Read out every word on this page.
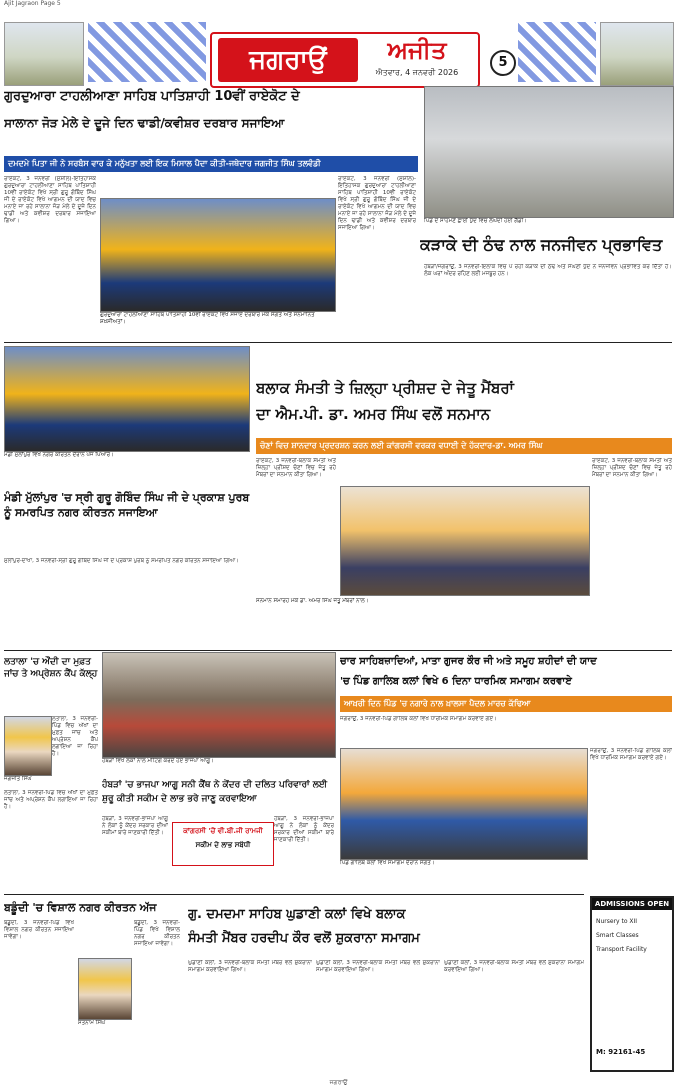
Ajit Jagraon Page 5
ਜਗਰਾਉਂ	ਅਜੀਤ
ਐਤਵਾਰ, 4 ਜਨਵਰੀ 2026
5
ਗੁਰਦੁਆਰਾ ਟਾਹਲੀਆਣਾ ਸਾਹਿਬ ਪਾਤਿਸ਼ਾਹੀ 10ਵੀਂ ਰਾਏਕੋਟ ਦੇ
ਸਾਲਾਨਾ ਜੋੜ ਮੇਲੇ ਦੇ ਦੂਜੇ ਦਿਨ ਢਾਡੀ/ਕਵੀਸ਼ਰ ਦਰਬਾਰ ਸਜਾਇਆ
ਦਮਦਮੇ ਪਿਤਾ ਜੀ ਨੇ ਸਰਬੰਸ ਵਾਰ ਕੇ ਮਨੁੱਖਤਾ ਲਈ ਇਕ ਮਿਸਾਲ ਪੈਦਾ ਕੀਤੀ-ਜਥੇਦਾਰ ਜਗਜੀਤ ਸਿੰਘ ਤਲਵੰਡੀ
ਰਾਏਕੋਟ, 3 ਜਨਵਰੀ (ਸੁਸ਼ੀਲ)-ਇਤਿਹਾਸਕ ਗੁਰਦੁਆਰਾ ਟਾਹਲੀਆਣਾ ਸਾਹਿਬ ਪਾਤਿਸ਼ਾਹੀ 10ਵੀਂ ਰਾਏਕੋਟ ਵਿਖੇ ਸ੍ਰੀ ਗੁਰੂ ਗੋਬਿੰਦ ਸਿੰਘ ਜੀ ਦੇ ਰਾਏਕੋਟ ਵਿਖੇ ਆਗਮਨ ਦੀ ਯਾਦ ਵਿਚ ਮਨਾਏ ਜਾ ਰਹੇ ਸਾਲਾਨਾ ਜੋੜ ਮੇਲੇ ਦੇ ਦੂਜੇ ਦਿਨ ਢਾਡੀ ਅਤੇ ਕਵੀਸ਼ਰ ਦਰਬਾਰ ਸਜਾਇਆ ਗਿਆ।
ਗੁਰਦੁਆਰਾ ਟਾਹਲੀਆਣਾ ਸਾਹਿਬ ਪਾਤਿਸ਼ਾਹੀ 10ਵੀਂ ਰਾਏਕੋਟ ਵਿਖੇ ਸਜਾਏ ਦਰਬਾਰ ਮੌਕੇ ਸੰਗਤ ਅਤੇ ਸਨਮਾਨਿਤ ਸ਼ਖ਼ਸੀਅਤਾਂ।
ਰਾਏਕੋਟ, 3 ਜਨਵਰੀ (ਸੁਸ਼ੀਲ)-ਇਤਿਹਾਸਕ ਗੁਰਦੁਆਰਾ ਟਾਹਲੀਆਣਾ ਸਾਹਿਬ ਪਾਤਿਸ਼ਾਹੀ 10ਵੀਂ ਰਾਏਕੋਟ ਵਿਖੇ ਸ੍ਰੀ ਗੁਰੂ ਗੋਬਿੰਦ ਸਿੰਘ ਜੀ ਦੇ ਰਾਏਕੋਟ ਵਿਖੇ ਆਗਮਨ ਦੀ ਯਾਦ ਵਿਚ ਮਨਾਏ ਜਾ ਰਹੇ ਸਾਲਾਨਾ ਜੋੜ ਮੇਲੇ ਦੇ ਦੂਜੇ ਦਿਨ ਢਾਡੀ ਅਤੇ ਕਵੀਸ਼ਰ ਦਰਬਾਰ ਸਜਾਇਆ ਗਿਆ।
ਪਿੰਡ ਦੇ ਸਾਹਮਣੇ ਛਾਈ ਧੁੰਦ ਵਿਚ ਲੰਘਦੀ ਹੋਈ ਗੱਡੀ।
ਕੜਾਕੇ ਦੀ ਠੰਢ ਨਾਲ ਜਨਜੀਵਨ ਪ੍ਰਭਾਵਿਤ
ਹੰਬੜਾਂ/ਜਗਰਾਉਂ, 3 ਜਨਵਰੀ-ਇਲਾਕੇ ਵਿਚ ਪੈ ਰਹੀ ਕੜਾਕੇ ਦੀ ਠੰਢ ਅਤੇ ਸੰਘਣੀ ਧੁੰਦ ਨੇ ਜਨਜੀਵਨ ਪ੍ਰਭਾਵਿਤ ਕਰ ਦਿੱਤਾ ਹੈ। ਲੋਕ ਘਰਾਂ ਅੰਦਰ ਰਹਿਣ ਲਈ ਮਜਬੂਰ ਹਨ।
ਮੰਡੀ ਮੁੱਲਾਂਪੁਰ ਵਿਖੇ ਨਗਰ ਕੀਰਤਨ ਦੌਰਾਨ ਪੰਜ ਪਿਆਰੇ।
ਬਲਾਕ ਸੰਮਤੀ ਤੇ ਜ਼ਿਲ੍ਹਾ ਪ੍ਰੀਸ਼ਦ ਦੇ ਜੇਤੂ ਮੈਂਬਰਾਂ
ਦਾ ਐਮ.ਪੀ. ਡਾ. ਅਮਰ ਸਿੰਘ ਵਲੋਂ ਸਨਮਾਨ
ਚੋਣਾਂ ਵਿਚ ਸ਼ਾਨਦਾਰ ਪ੍ਰਦਰਸ਼ਨ ਕਰਨ ਲਈ ਕਾਂਗਰਸੀ ਵਰਕਰ ਵਧਾਈ ਦੇ ਹੱਕਦਾਰ-ਡਾ. ਅਮਰ ਸਿੰਘ
ਰਾਏਕੋਟ, 3 ਜਨਵਰੀ-ਬਲਾਕ ਸੰਮਤੀ ਅਤੇ ਜ਼ਿਲ੍ਹਾ ਪ੍ਰੀਸ਼ਦ ਚੋਣਾਂ ਵਿਚ ਜੇਤੂ ਰਹੇ ਮੈਂਬਰਾਂ ਦਾ ਸਨਮਾਨ ਕੀਤਾ ਗਿਆ।
ਸਨਮਾਨ ਸਮਾਰੋਹ ਮੌਕੇ ਡਾ. ਅਮਰ ਸਿੰਘ ਜੇਤੂ ਮੈਂਬਰਾਂ ਨਾਲ।
ਰਾਏਕੋਟ, 3 ਜਨਵਰੀ-ਬਲਾਕ ਸੰਮਤੀ ਅਤੇ ਜ਼ਿਲ੍ਹਾ ਪ੍ਰੀਸ਼ਦ ਚੋਣਾਂ ਵਿਚ ਜੇਤੂ ਰਹੇ ਮੈਂਬਰਾਂ ਦਾ ਸਨਮਾਨ ਕੀਤਾ ਗਿਆ।
ਮੰਡੀ ਮੁੱਲਾਂਪੁਰ 'ਚ ਸ੍ਰੀ ਗੁਰੂ ਗੋਬਿੰਦ ਸਿੰਘ ਜੀ ਦੇ ਪ੍ਰਕਾਸ਼ ਪੁਰਬ ਨੂੰ ਸਮਰਪਿਤ ਨਗਰ ਕੀਰਤਨ ਸਜਾਇਆ
ਮੁੱਲਾਂਪੁਰ-ਦਾਖਾ, 3 ਜਨਵਰੀ-ਸ੍ਰੀ ਗੁਰੂ ਗੋਬਿੰਦ ਸਿੰਘ ਜੀ ਦੇ ਪ੍ਰਕਾਸ਼ ਪੁਰਬ ਨੂੰ ਸਮਰਪਿਤ ਨਗਰ ਕੀਰਤਨ ਸਜਾਇਆ ਗਿਆ।
ਲਤਾਲਾ 'ਚ ਔਂਦੀ ਦਾ ਮੁਫ਼ਤ ਜਾਂਚ ਤੇ ਅਪ੍ਰੇਸ਼ਨ ਕੈਂਪ ਕੱਲ੍ਹ
ਜਗਜੀਤ ਸਿੰਘ
ਲਤਾਲਾ, 3 ਜਨਵਰੀ-ਪਿੰਡ ਵਿਚ ਅੱਖਾਂ ਦਾ ਮੁਫ਼ਤ ਜਾਂਚ ਅਤੇ ਅਪ੍ਰੇਸ਼ਨ ਕੈਂਪ ਲਗਾਇਆ ਜਾ ਰਿਹਾ ਹੈ।
ਲਤਾਲਾ, 3 ਜਨਵਰੀ-ਪਿੰਡ ਵਿਚ ਅੱਖਾਂ ਦਾ ਮੁਫ਼ਤ ਜਾਂਚ ਅਤੇ ਅਪ੍ਰੇਸ਼ਨ ਕੈਂਪ ਲਗਾਇਆ ਜਾ ਰਿਹਾ ਹੈ।
ਹੰਬੜਾਂ ਵਿਖੇ ਲੋਕਾਂ ਨਾਲ ਮੀਟਿੰਗ ਕਰਦੇ ਹੋਏ ਭਾਜਪਾ ਆਗੂ।
ਹੰਬੜਾਂ 'ਚ ਭਾਜਪਾ ਆਗੂ ਸਨੀ ਕੈਂਥ ਨੇ ਕੇਂਦਰ ਦੀ ਦਲਿਤ ਪਰਿਵਾਰਾਂ ਲਈ ਸ਼ੁਰੂ ਕੀਤੀ ਸਕੀਮ ਦੇ ਲਾਭ ਭਰੇ ਜਾਣੂ ਕਰਵਾਇਆ
ਹੰਬੜਾਂ, 3 ਜਨਵਰੀ-ਭਾਜਪਾ ਆਗੂ ਨੇ ਲੋਕਾਂ ਨੂੰ ਕੇਂਦਰ ਸਰਕਾਰ ਦੀਆਂ ਸਕੀਮਾਂ ਬਾਰੇ ਜਾਣਕਾਰੀ ਦਿੱਤੀ।	ਕਾਂਗਰਸੀ 'ਚੋਂ ਵੀ.ਬੀ.ਜੀ ਰਾਮਜੀ
ਸਕੀਮ ਦੇ ਲਾਭ ਸਬੰਧੀ
ਹੰਬੜਾਂ, 3 ਜਨਵਰੀ-ਭਾਜਪਾ ਆਗੂ ਨੇ ਲੋਕਾਂ ਨੂੰ ਕੇਂਦਰ ਸਰਕਾਰ ਦੀਆਂ ਸਕੀਮਾਂ ਬਾਰੇ ਜਾਣਕਾਰੀ ਦਿੱਤੀ।
ਚਾਰ ਸਾਹਿਬਜ਼ਾਦਿਆਂ, ਮਾਤਾ ਗੁਜਰ ਕੌਰ ਜੀ ਅਤੇ ਸਮੂਹ ਸ਼ਹੀਦਾਂ ਦੀ ਯਾਦ
'ਚ ਪਿੰਡ ਗਾਲਿਬ ਕਲਾਂ ਵਿਖੇ 6 ਦਿਨਾ ਧਾਰਮਿਕ ਸਮਾਗਮ ਕਰਵਾਏ
ਆਖ਼ਰੀ ਦਿਨ ਪਿੰਡ 'ਚ ਨਗਾਰੇ ਨਾਲ ਖ਼ਾਲਸਾ ਪੈਦਲ ਮਾਰਚ ਕੱਢਿਆ
ਜਗਰਾਉਂ, 3 ਜਨਵਰੀ-ਪਿੰਡ ਗਾਲਿਬ ਕਲਾਂ ਵਿਖੇ ਧਾਰਮਿਕ ਸਮਾਗਮ ਕਰਵਾਏ ਗਏ।
ਪਿੰਡ ਗਾਲਿਬ ਕਲਾਂ ਵਿਖੇ ਸਮਾਗਮ ਦੌਰਾਨ ਸੰਗਤ।
ਜਗਰਾਉਂ, 3 ਜਨਵਰੀ-ਪਿੰਡ ਗਾਲਿਬ ਕਲਾਂ ਵਿਖੇ ਧਾਰਮਿਕ ਸਮਾਗਮ ਕਰਵਾਏ ਗਏ।
ਬਡੂੰਦੀ 'ਚ ਵਿਸ਼ਾਲ ਨਗਰ ਕੀਰਤਨ ਅੱਜ
ਬਡੂੰਦੀ, 3 ਜਨਵਰੀ-ਪਿੰਡ ਵਿਖੇ ਵਿਸ਼ਾਲ ਨਗਰ ਕੀਰਤਨ ਸਜਾਇਆ ਜਾਵੇਗਾ।
ਸਤਨਾਮ ਸਿੰਘ
ਬਡੂੰਦੀ, 3 ਜਨਵਰੀ-ਪਿੰਡ ਵਿਖੇ ਵਿਸ਼ਾਲ ਨਗਰ ਕੀਰਤਨ ਸਜਾਇਆ ਜਾਵੇਗਾ।
ਗੁ. ਦਮਦਮਾ ਸਾਹਿਬ ਘੁਡਾਣੀ ਕਲਾਂ ਵਿਖੇ ਬਲਾਕ
ਸੰਮਤੀ ਮੈਂਬਰ ਹਰਦੀਪ ਕੌਰ ਵਲੋਂ ਸ਼ੁਕਰਾਨਾ ਸਮਾਗਮ
ਘੁਡਾਣੀ ਕਲਾਂ, 3 ਜਨਵਰੀ-ਬਲਾਕ ਸੰਮਤੀ ਮੈਂਬਰ ਵਲੋਂ ਸ਼ੁਕਰਾਨਾ ਸਮਾਗਮ ਕਰਵਾਇਆ ਗਿਆ।
ਘੁਡਾਣੀ ਕਲਾਂ, 3 ਜਨਵਰੀ-ਬਲਾਕ ਸੰਮਤੀ ਮੈਂਬਰ ਵਲੋਂ ਸ਼ੁਕਰਾਨਾ ਸਮਾਗਮ ਕਰਵਾਇਆ ਗਿਆ।
ਘੁਡਾਣੀ ਕਲਾਂ, 3 ਜਨਵਰੀ-ਬਲਾਕ ਸੰਮਤੀ ਮੈਂਬਰ ਵਲੋਂ ਸ਼ੁਕਰਾਨਾ ਸਮਾਗਮ ਕਰਵਾਇਆ ਗਿਆ।
ADMISSIONS OPEN
Nursery to XII
Smart Classes
Transport Facility
M: 92161-45
ਜਗਰਾਉਂ
